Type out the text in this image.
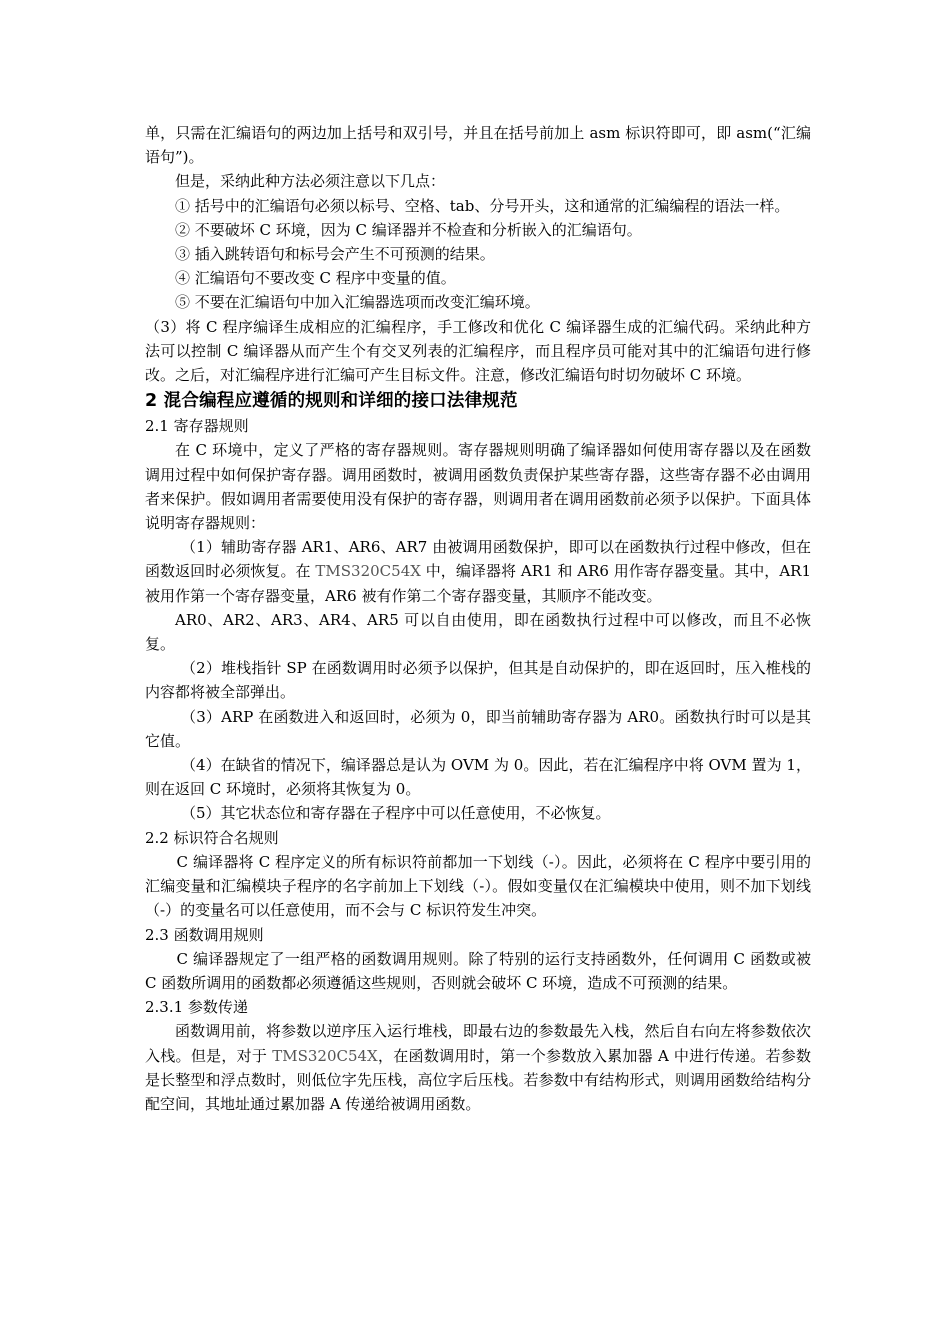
单，只需在汇编语句的两边加上括号和双引号，并且在括号前加上 asm 标识符即可，即 asm(“汇编语句”)。

但是，采纳此种方法必须注意以下几点：

① 括号中的汇编语句必须以标号、空格、tab、分号开头，这和通常的汇编编程的语法一样。

② 不要破坏 C 环境，因为 C 编译器并不检查和分析嵌入的汇编语句。

③ 插入跳转语句和标号会产生不可预测的结果。

④ 汇编语句不要改变 C 程序中变量的值。

⑤ 不要在汇编语句中加入汇编器选项而改变汇编环境。

（3）将 C 程序编译生成相应的汇编程序，手工修改和优化 C 编译器生成的汇编代码。采纳此种方法可以控制 C 编译器从而产生个有交叉列表的汇编程序，而且程序员可能对其中的汇编语句进行修改。之后，对汇编程序进行汇编可产生目标文件。注意，修改汇编语句时切勿破坏 C 环境。

2 混合编程应遵循的规则和详细的接口法律规范

2.1 寄存器规则

在 C 环境中，定义了严格的寄存器规则。寄存器规则明确了编译器如何使用寄存器以及在函数调用过程中如何保护寄存器。调用函数时，被调用函数负责保护某些寄存器，这些寄存器不必由调用者来保护。假如调用者需要使用没有保护的寄存器，则调用者在调用函数前必须予以保护。下面具体说明寄存器规则：

（1）辅助寄存器 AR1、AR6、AR7 由被调用函数保护，即可以在函数执行过程中修改，但在函数返回时必须恢复。在 TMS320C54X 中，编译器将 AR1 和 AR6 用作寄存器变量。其中，AR1 被用作第一个寄存器变量，AR6 被有作第二个寄存器变量，其顺序不能改变。

AR0、AR2、AR3、AR4、AR5 可以自由使用，即在函数执行过程中可以修改，而且不必恢复。

（2）堆栈指针 SP 在函数调用时必须予以保护，但其是自动保护的，即在返回时，压入椎栈的内容都将被全部弹出。

（3）ARP 在函数进入和返回时，必须为 0，即当前辅助寄存器为 AR0。函数执行时可以是其它值。

（4）在缺省的情况下，编译器总是认为 OVM 为 0。因此，若在汇编程序中将 OVM 置为 1，则在返回 C 环境时，必须将其恢复为 0。

（5）其它状态位和寄存器在子程序中可以任意使用，不必恢复。

2.2 标识符合名规则

C 编译器将 C 程序定义的所有标识符前都加一下划线（-）。因此，必须将在 C 程序中要引用的汇编变量和汇编模块子程序的名字前加上下划线（-）。假如变量仅在汇编模块中使用，则不加下划线（-）的变量名可以任意使用，而不会与 C 标识符发生冲突。

2.3 函数调用规则

C 编译器规定了一组严格的函数调用规则。除了特别的运行支持函数外，任何调用 C 函数或被 C 函数所调用的函数都必须遵循这些规则，否则就会破坏 C 环境，造成不可预测的结果。

2.3.1 参数传递

函数调用前，将参数以逆序压入运行堆栈，即最右边的参数最先入栈，然后自右向左将参数依次入栈。但是，对于 TMS320C54X，在函数调用时，第一个参数放入累加器 A 中进行传递。若参数是长整型和浮点数时，则低位字先压栈，高位字后压栈。若参数中有结构形式，则调用函数给结构分配空间，其地址通过累加器 A 传递给被调用函数。
